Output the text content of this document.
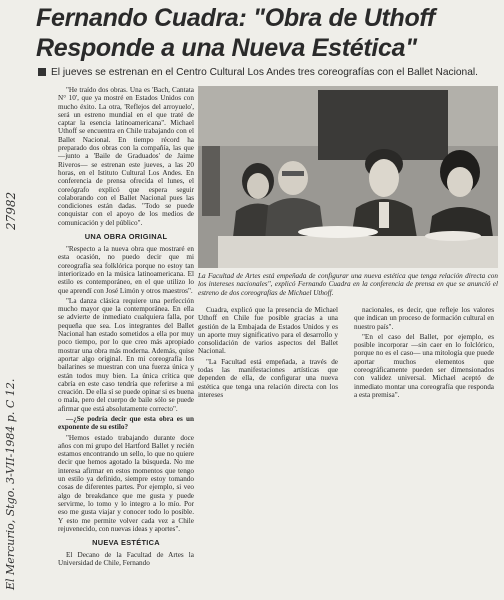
Fernando Cuadra: "Obra de Uthoff Responde a una Nueva Estética"

El jueves se estrenan en el Centro Cultural Los Andes tres coreografías con el Ballet Nacional.

"He traído dos obras. Una es 'Bach, Cantata N° 10', que ya mostré en Estados Unidos con mucho éxito. La otra, 'Reflejos del arroyuelo', será un estreno mundial en el que traté de captar la esencia latinoamericana". Michael Uthoff se encuentra en Chile trabajando con el Ballet Nacional. En tiempo récord ha preparado dos obras con la compañía, las que —junto a 'Baile de Graduados' de Jaime Riveros— se estrenan este jueves, a las 20 horas, en el Istituto Cultural Los Andes. En conferencia de prensa ofrecida el lunes, el coreógrafo explicó que espera seguir colaborando con el Ballet Nacional pues las condiciones están dadas. "Todo se puede conquistar con el apoyo de los medios de comunicación y del público".

UNA OBRA ORIGINAL

"Respecto a la nueva obra que mostraré en esta ocasión, no puedo decir que mi coreografía sea folklórica porque no estoy tan interiorizado en la música latinoamericana. El estilo es contemporáneo, en el que utilizo lo que aprendí con José Limón y otros maestros".

"La danza clásica requiere una perfección mucho mayor que la contemporánea. En ella se advierte de inmediato cualquiera falla, por pequeña que sea. Los integrantes del Ballet Nacional han estado sometidos a ella por muy poco tiempo, por lo que creo más apropiado mostrar una obra más moderna. Además, quise aportar algo original. En mi coreografía los bailarines se muestran con una fuerza única y están todos muy bien. La única crítica que cabría en este caso tendría que referirse a mi creación. De ella sí se puede opinar si es buena o mala, pero del cuerpo de baile sólo se puede afirmar que está absolutamente correcto".

—¿Se podría decir que esta obra es un exponente de su estilo?

"Hemos estado trabajando durante doce años con mi grupo del Hartford Ballet y recién estamos encontrando un sello, lo que no quiere decir que hemos agotado la búsqueda. No me interesa afirmar en estos momentos que tengo un estilo ya definido, siempre estoy tomando cosas de diferentes partes. Por ejemplo, si veo algo de breakdance que me gusta y puede servirme, lo tomo y lo integro a lo mío. Por eso me gusta viajar y conocer todo lo posible. Y esto me permite volver cada vez a Chile rejuvenecido, con nuevas ideas y aportes".

NUEVA ESTÉTICA

El Decano de la Facultad de Artes la Universidad de Chile, Fernando

La Facultad de Artes está empeñada de configurar una nueva estética que tenga relación directa con los intereses nacionales", explicó Fernando Cuadra en la conferencia de prensa en que se anunció el estreno de dos coreografías de Michael Uthoff.

Cuadra, explicó que la presencia de Michael Uthoff en Chile fue posible gracias a una gestión de la Embajada de Estados Unidos y es un aporte muy significativo para el desarrollo y consolidación de varios aspectos del Ballet Nacional.

"La Facultad está empeñada, a través de todas las manifestaciones artísticas que dependen de ella, de configurar una nueva estética que tenga una relación directa con los intereses

nacionales, es decir, que refleje los valores que indican un proceso de formación cultural en nuestro país".

"En el caso del Ballet, por ejemplo, es posible incorporar —sin caer en lo folclórico, porque no es el caso— una mitología que puede aportar muchos elementos que coreográficamente pueden ser dimensionados con validez universal. Michael aceptó de inmediato montar una coreografía que responda a esta premisa".

El Mercurio, Stgo. 3-VII-1984 p. C 12.
27982
